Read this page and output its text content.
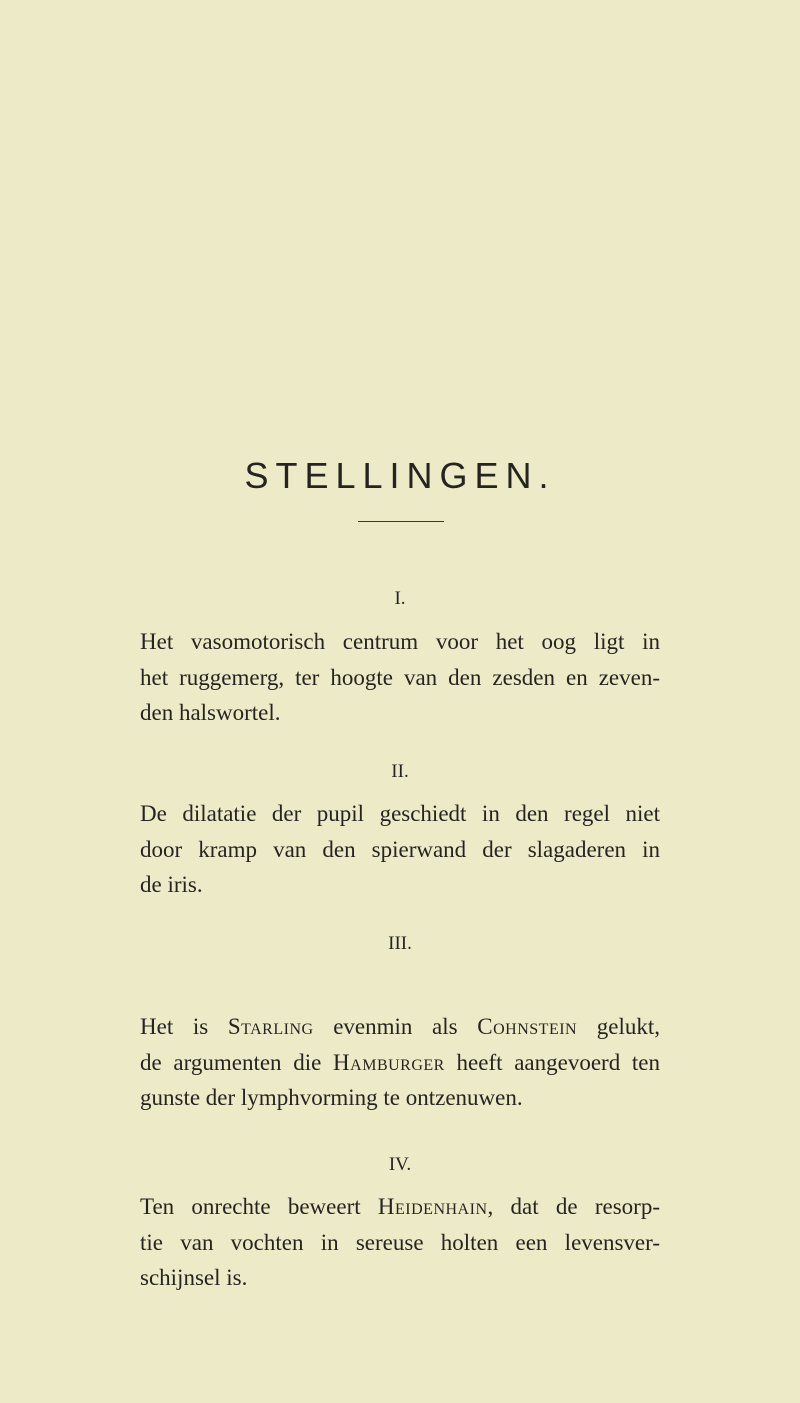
STELLINGEN.
I.

Het vasomotorisch centrum voor het oog ligt in
het ruggemerg, ter hoogte van den zesden en zeven-
den halswortel.

II.

De dilatatie der pupil geschiedt in den regel niet
door kramp van den spierwand der slagaderen in
de iris.

III.

Het is Starling evenmin als Cohnstein gelukt,
de argumenten die Hamburger heeft aangevoerd ten
gunste der lymphvorming te ontzenuwen.

IV.

Ten onrechte beweert Heidenhain, dat de resorp-
tie van vochten in sereuse holten een levensver-
schijnsel is.
